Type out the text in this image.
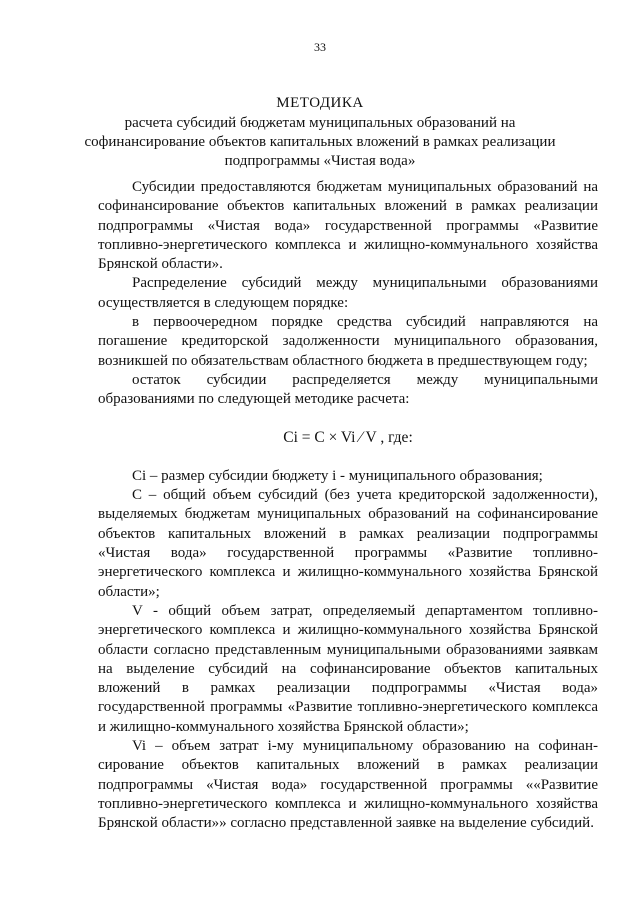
33
МЕТОДИКА
расчета субсидий бюджетам муниципальных образований на софинансирование объектов капитальных вложений в рамках реализации подпрограммы «Чистая вода»

Субсидии предоставляются бюджетам муниципальных образований на софинансирование объектов капитальных вложений в рамках реализации подпрограммы «Чистая вода» государственной программы «Развитие топливно-энергетического комплекса и жилищно-коммунального хозяйства Брянской области».

Распределение субсидий между муниципальными образованиями осуществляется в следующем порядке:

в первоочередном порядке средства субсидий направляются на погашение кредиторской задолженности муниципального образования, возникшей по обязательствам областного бюджета в предшествующем году;

остаток субсидии распределяется между муниципальными образованиями по следующей методике расчета:

Ci = C × Vi ⁄ V , где:

Ci – размер субсидии бюджету i - муниципального образования;

С – общий объем субсидий (без учета кредиторской задолженности), выделяемых бюджетам муниципальных образований на софинансирование объектов капитальных вложений в рамках реализации подпрограммы «Чистая вода» государственной программы «Развитие топливно-энергетического комплекса и жилищно-коммунального хозяйства Брянской области»;

V - общий объем затрат, определяемый департаментом топливно-энергетического комплекса и жилищно-коммунального хозяйства Брянской области согласно представленным муниципальными образованиями заявкам на выделение субсидий на софинансирование объектов капитальных вложений в рамках реализации подпрограммы «Чистая вода» государственной программы «Развитие топливно-энергетического комплекса и жилищно-коммунального хозяйства Брянской области»;

Vi – объем затрат i-му муниципальному образованию на софинан-сирование объектов капитальных вложений в рамках реализации подпрограммы «Чистая вода» государственной программы ««Развитие топливно-энергетического комплекса и жилищно-коммунального хозяйства Брянской области»» согласно представленной заявке на выделение субсидий.
